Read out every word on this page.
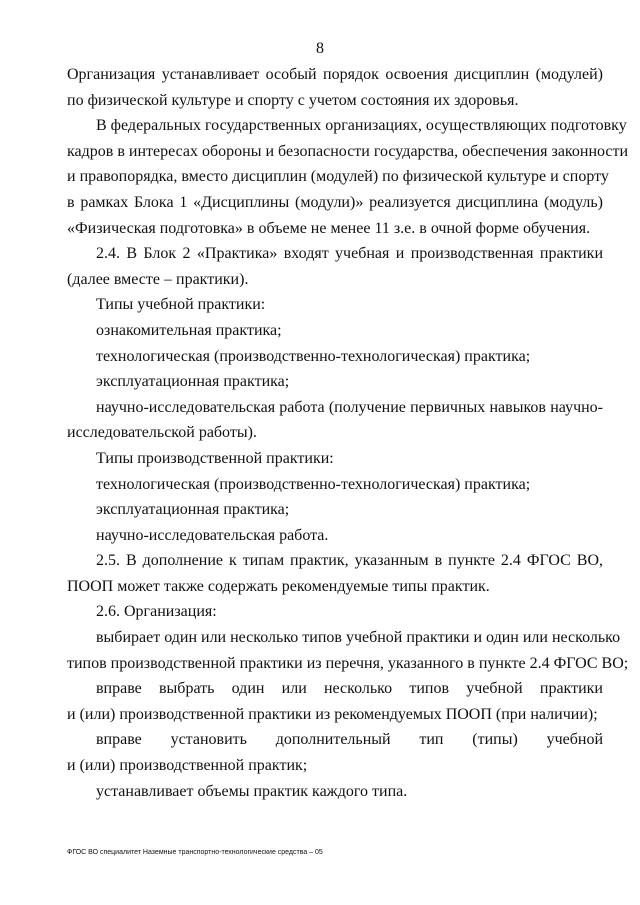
8
Организация устанавливает особый порядок освоения дисциплин (модулей)
по физической культуре и спорту с учетом состояния их здоровья.
В федеральных государственных организациях, осуществляющих подготовку
кадров в интересах обороны и безопасности государства, обеспечения законности
и правопорядка, вместо дисциплин (модулей) по физической культуре и спорту
в рамках Блока 1 «Дисциплины (модули)» реализуется дисциплина (модуль)
«Физическая подготовка» в объеме не менее 11 з.е. в очной форме обучения.
2.4. В Блок 2 «Практика» входят учебная и производственная практики
(далее вместе – практики).
Типы учебной практики:
ознакомительная практика;
технологическая (производственно-технологическая) практика;
эксплуатационная практика;
научно-исследовательская работа (получение первичных навыков научно-
исследовательской работы).
Типы производственной практики:
технологическая (производственно-технологическая) практика;
эксплуатационная практика;
научно-исследовательская работа.
2.5. В дополнение к типам практик, указанным в пункте 2.4 ФГОС ВО,
ПООП может также содержать рекомендуемые типы практик.
2.6. Организация:
выбирает один или несколько типов учебной практики и один или несколько
типов производственной практики из перечня, указанного в пункте 2.4 ФГОС ВО;
вправе выбрать один или несколько типов учебной практики
и (или) производственной практики из рекомендуемых ПООП (при наличии);
вправе установить дополнительный тип (типы) учебной
и (или) производственной практик;
устанавливает объемы практик каждого типа.
ФГОС ВО специалитет Наземные транспортно-технологические средства – 05
